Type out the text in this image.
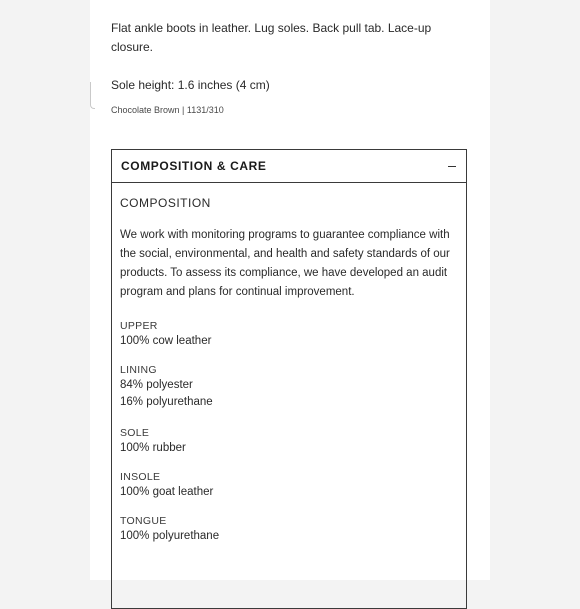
Flat ankle boots in leather. Lug soles. Back pull tab. Lace-up closure.

Sole height: 1.6 inches (4 cm)

Chocolate Brown | 1131/310

COMPOSITION & CARE

COMPOSITION

We work with monitoring programs to guarantee compliance with the social, environmental, and health and safety standards of our products. To assess its compliance, we have developed an audit program and plans for continual improvement.

UPPER

100% cow leather

LINING

84% polyester

16% polyurethane

SOLE

100% rubber

INSOLE

100% goat leather

TONGUE

100% polyurethane
